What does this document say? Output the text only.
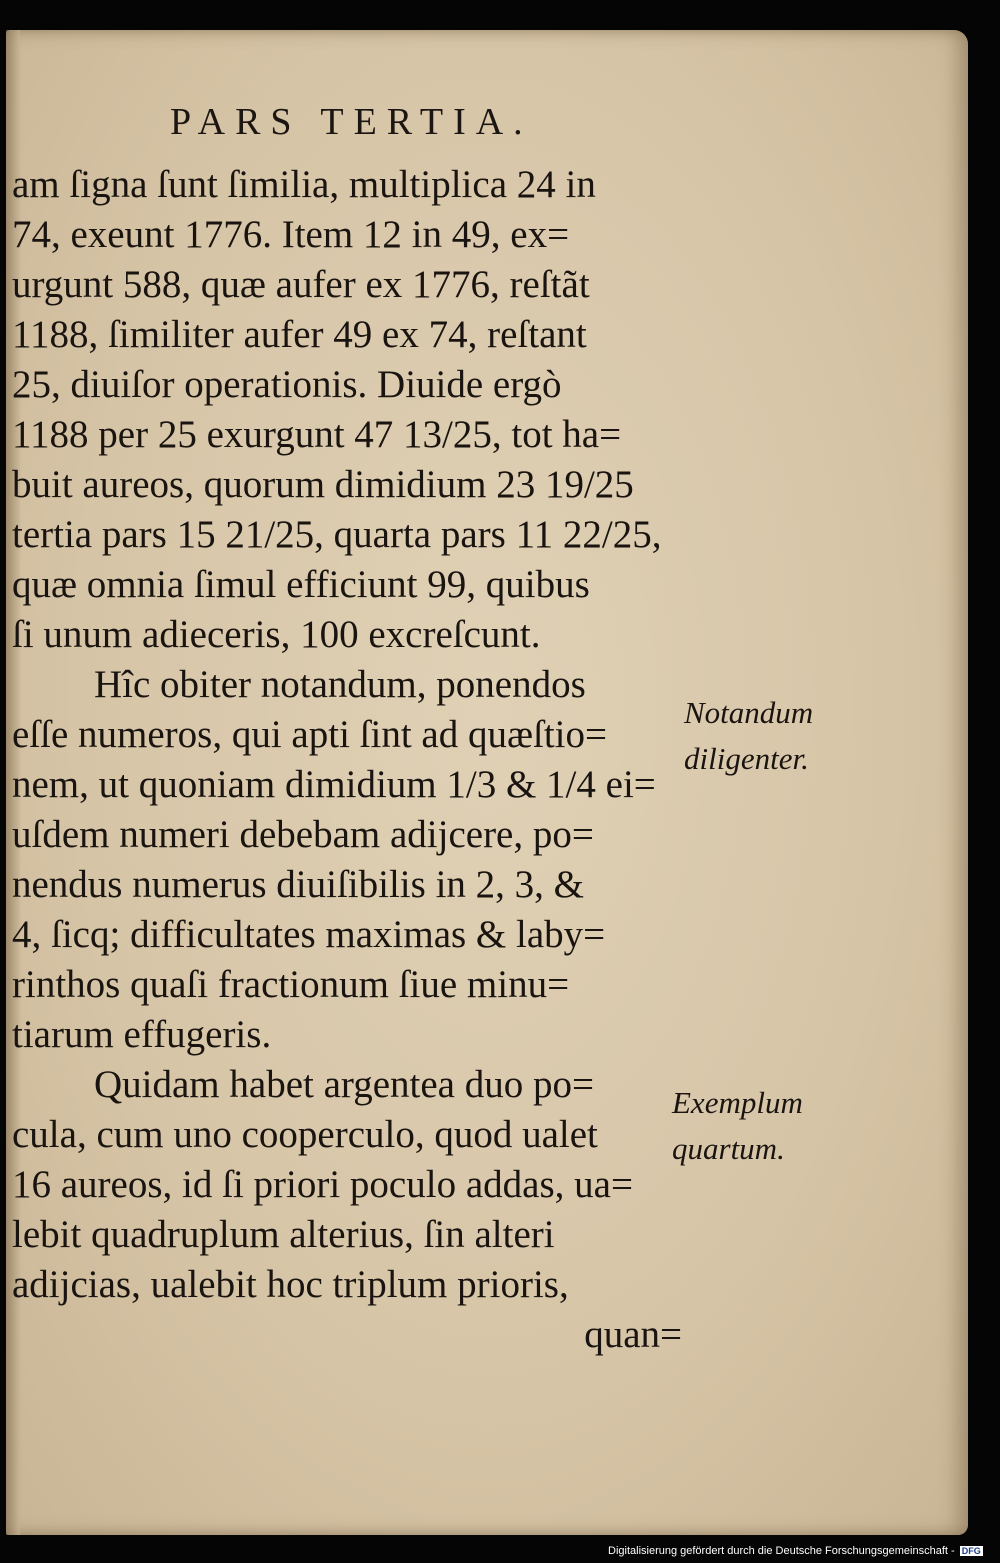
PARS TERTIA.
am ſigna ſunt ſimilia, multiplica 24 in
74, exeunt 1776. Item 12 in 49, ex=
urgunt 588, quæ aufer ex 1776, reſtãt
1188, ſimiliter aufer 49 ex 74, reſtant
25, diuiſor operationis. Diuide ergò
1188 per 25 exurgunt 47 13/25, tot ha=
buit aureos, quorum dimidium 23 19/25
tertia pars 15 21/25, quarta pars 11 22/25,
quæ omnia ſimul efficiunt 99, quibus
ſi unum adieceris, 100 excreſcunt.
Hîc obiter notandum, ponendos
eſſe numeros, qui apti ſint ad quæſtio=
nem, ut quoniam dimidium 1/3 & 1/4 ei=
uſdem numeri debebam adijcere, po=
nendus numerus diuiſibilis in 2, 3, &
4, ſicq; difficultates maximas & laby=
rinthos quaſi fractionum ſiue minu=
tiarum effugeris.
Quidam habet argentea duo po=
cula, cum uno cooperculo, quod ualet
16 aureos, id ſi priori poculo addas, ua=
lebit quadruplum alterius, ſin alteri
adijcias, ualebit hoc triplum prioris,
quan=
Notandum
diligenter.
Exemplum
quartum.
Digitalisierung gefördert durch die Deutsche Forschungsgemeinschaft - DFG
